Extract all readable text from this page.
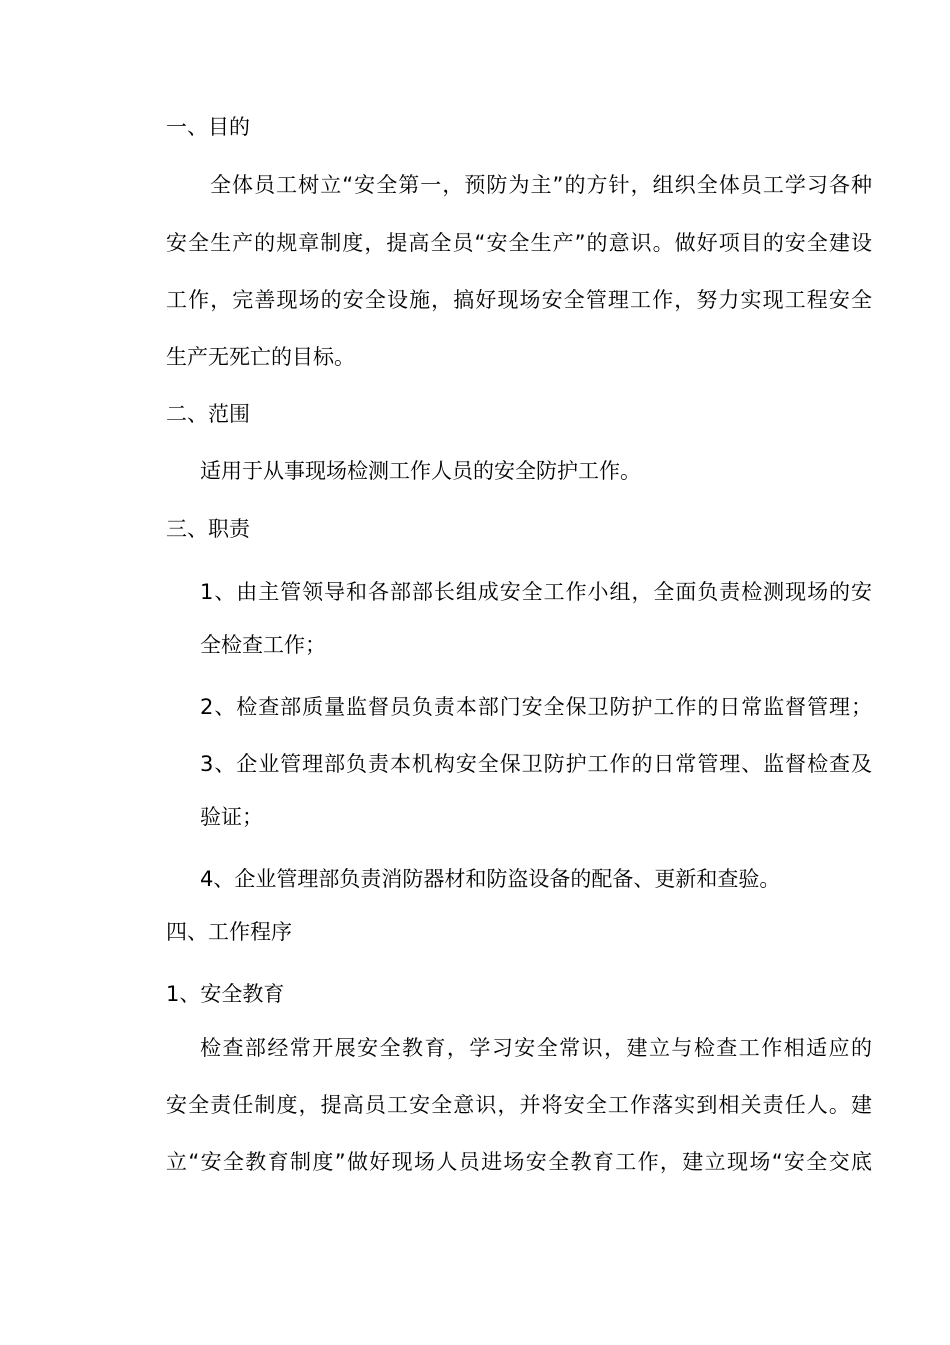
一、目的
全体员工树立“安全第一，预防为主”的方针，组织全体员工学习各种
安全生产的规章制度，提高全员“安全生产”的意识。做好项目的安全建设
工作，完善现场的安全设施，搞好现场安全管理工作，努力实现工程安全
生产无死亡的目标。
二、范围
适用于从事现场检测工作人员的安全防护工作。
三、职责
1、由主管领导和各部部长组成安全工作小组，全面负责检测现场的安
全检查工作；
2、检查部质量监督员负责本部门安全保卫防护工作的日常监督管理；
3、企业管理部负责本机构安全保卫防护工作的日常管理、监督检查及
验证；
4、企业管理部负责消防器材和防盗设备的配备、更新和查验。
四、工作程序
1、安全教育
检查部经常开展安全教育，学习安全常识，建立与检查工作相适应的
安全责任制度，提高员工安全意识，并将安全工作落实到相关责任人。建
立“安全教育制度”做好现场人员进场安全教育工作，建立现场“安全交底
